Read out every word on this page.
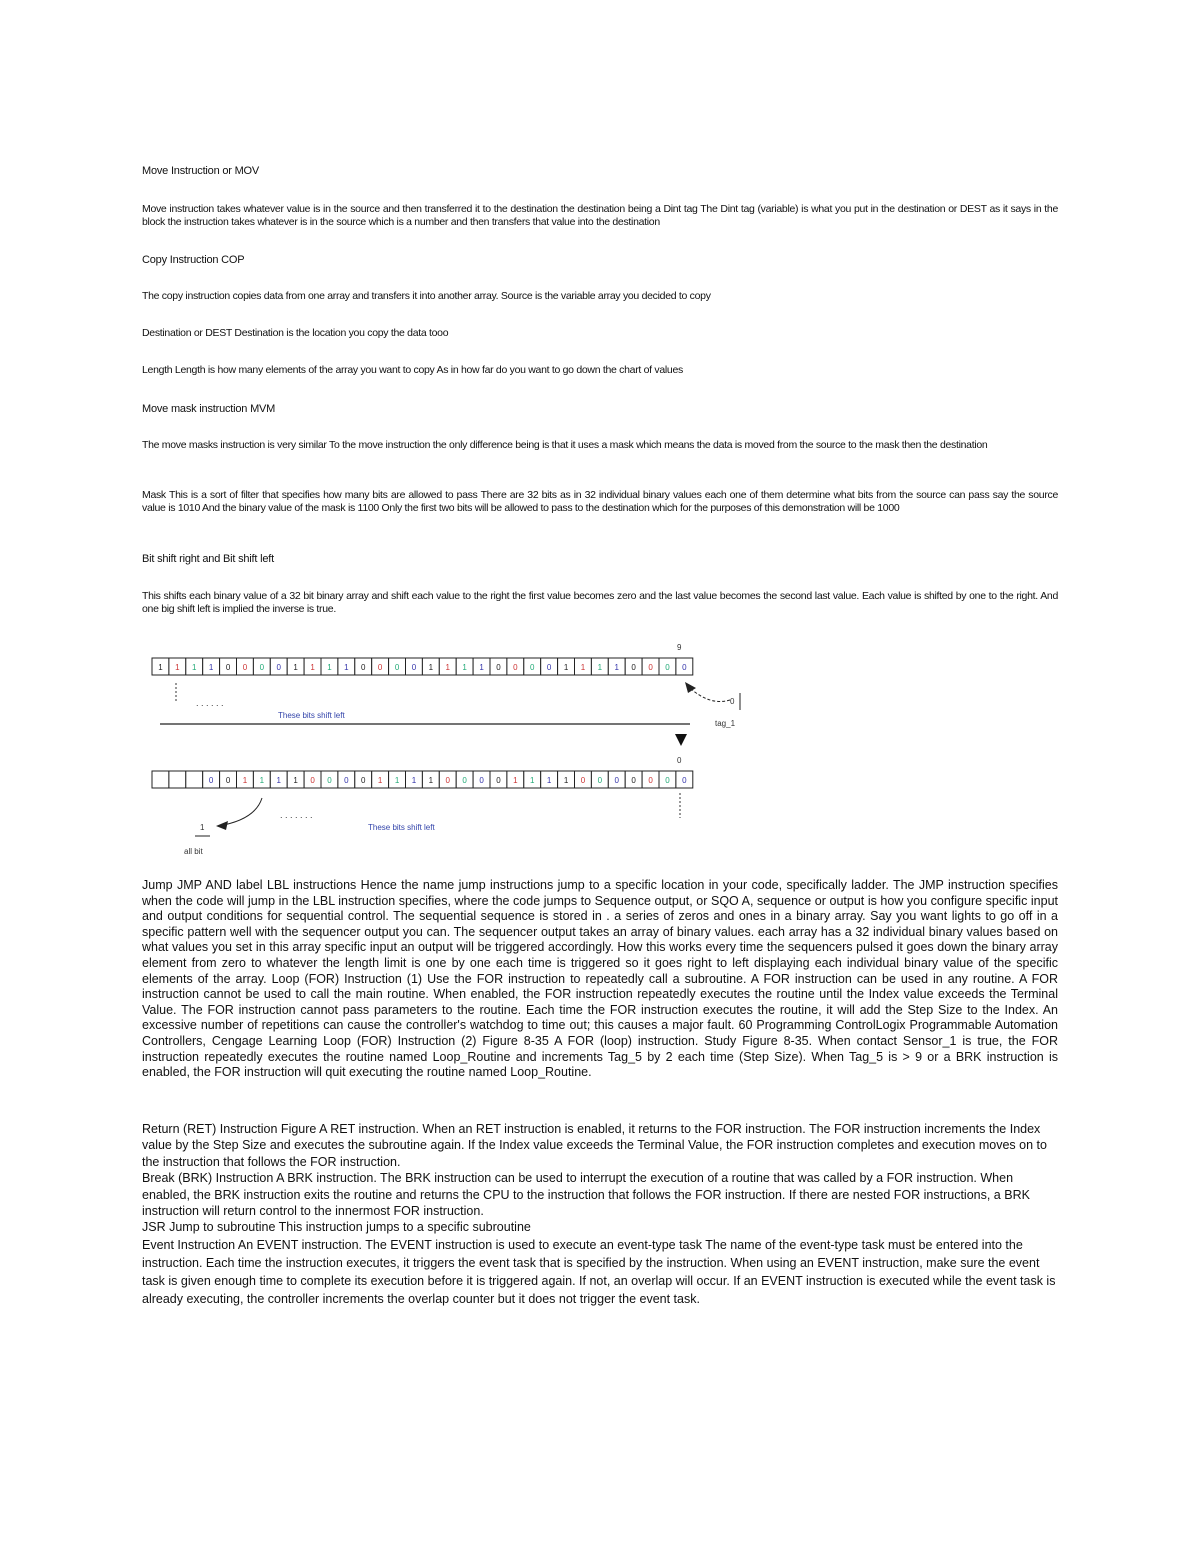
Move Instruction or MOV
Move instruction takes whatever value is in the source and then transferred it to the destination the destination being a Dint tag The Dint tag (variable) is what you put in the destination or DEST as it says in the block the instruction takes whatever is in the source which is a number and then transfers that value into the destination
Copy Instruction COP
The copy instruction copies data from one array and transfers it into another array. Source is the variable array you decided to copy
Destination or DEST Destination is the location you copy the data tooo
Length Length is how many elements of the array you want to copy As in how far do you want to go down the chart of values
Move mask instruction MVM
The move masks instruction is very similar To the move instruction the only difference being is that it uses a mask which means the data is moved from the source to the mask then the destination
Mask This is a sort of filter that specifies how many bits are allowed to pass There are 32 bits as in 32 individual binary values each one of them determine what bits from the source can pass say the source value is 1010 And the binary value of the mask is 1100 Only the first two bits will be allowed to pass to the destination which for the purposes of this demonstration will be 1000
Bit shift right and Bit shift left
This shifts each binary value of a 32 bit binary array and shift each value to the right the first value becomes zero and the last value becomes the second last value. Each value is shifted by one to the right. And one big shift left is implied the inverse is true.
1 1 1 1 0 0 0 0 1 1 1 1 0 0 0 0 1 1 1 1 0 0 0 0 1 1 1 1 0 0 0 0
0 0 1 1 1 1 0 0 0 0 1 1 1 1 0 0 0 0 1 1 1 1 0 0 0 0 0 0 0
. . . . . .
These bits shift left
9
0
tag_1
0
. . . . . . .
These bits shift left
1
all bit
Jump JMP AND label LBL instructions Hence the name jump instructions jump to a specific location in your code, specifically ladder. The JMP instruction specifies when the code will jump in the LBL instruction specifies, where the code jumps to Sequence output, or SQO A, sequence or output is how you configure specific input and output conditions for sequential control. The sequential sequence is stored in . a series of zeros and ones in a binary array. Say you want lights to go off in a specific pattern well with the sequencer output you can. The sequencer output takes an array of binary values. each array has a 32 individual binary values based on what values you set in this array specific input an output will be triggered accordingly. How this works every time the sequencers pulsed it goes down the binary array element from zero to whatever the length limit is one by one each time is triggered so it goes right to left displaying each individual binary value of the specific elements of the array. Loop (FOR) Instruction (1) Use the FOR instruction to repeatedly call a subroutine. A FOR instruction can be used in any routine. A FOR instruction cannot be used to call the main routine. When enabled, the FOR instruction repeatedly executes the routine until the Index value exceeds the Terminal Value. The FOR instruction cannot pass parameters to the routine. Each time the FOR instruction executes the routine, it will add the Step Size to the Index. An excessive number of repetitions can cause the controller's watchdog to time out; this causes a major fault. 60 Programming ControlLogix Programmable Automation Controllers, Cengage Learning Loop (FOR) Instruction (2) Figure 8-35 A FOR (loop) instruction. Study Figure 8-35. When contact Sensor_1 is true, the FOR instruction repeatedly executes the routine named Loop_Routine and increments Tag_5 by 2 each time (Step Size). When Tag_5 is > 9 or a BRK instruction is enabled, the FOR instruction will quit executing the routine named Loop_Routine.

Return (RET) Instruction Figure A RET instruction. When an RET instruction is enabled, it returns to the FOR instruction. The FOR instruction increments the Index value by the Step Size and executes the subroutine again. If the Index value exceeds the Terminal Value, the FOR instruction completes and execution moves on to the instruction that follows the FOR instruction.

Break (BRK) Instruction A BRK instruction. The BRK instruction can be used to interrupt the execution of a routine that was called by a FOR instruction. When enabled, the BRK instruction exits the routine and returns the CPU to the instruction that follows the FOR instruction. If there are nested FOR instructions, a BRK instruction will return control to the innermost FOR instruction.

JSR Jump to subroutine This instruction jumps to a specific subroutine

Event Instruction An EVENT instruction. The EVENT instruction is used to execute an event-type task The name of the event-type task must be entered into the instruction. Each time the instruction executes, it triggers the event task that is specified by the instruction. When using an EVENT instruction, make sure the event task is given enough time to complete its execution before it is triggered again. If not, an overlap will occur. If an EVENT instruction is executed while the event task is already executing, the controller increments the overlap counter but it does not trigger the event task.
